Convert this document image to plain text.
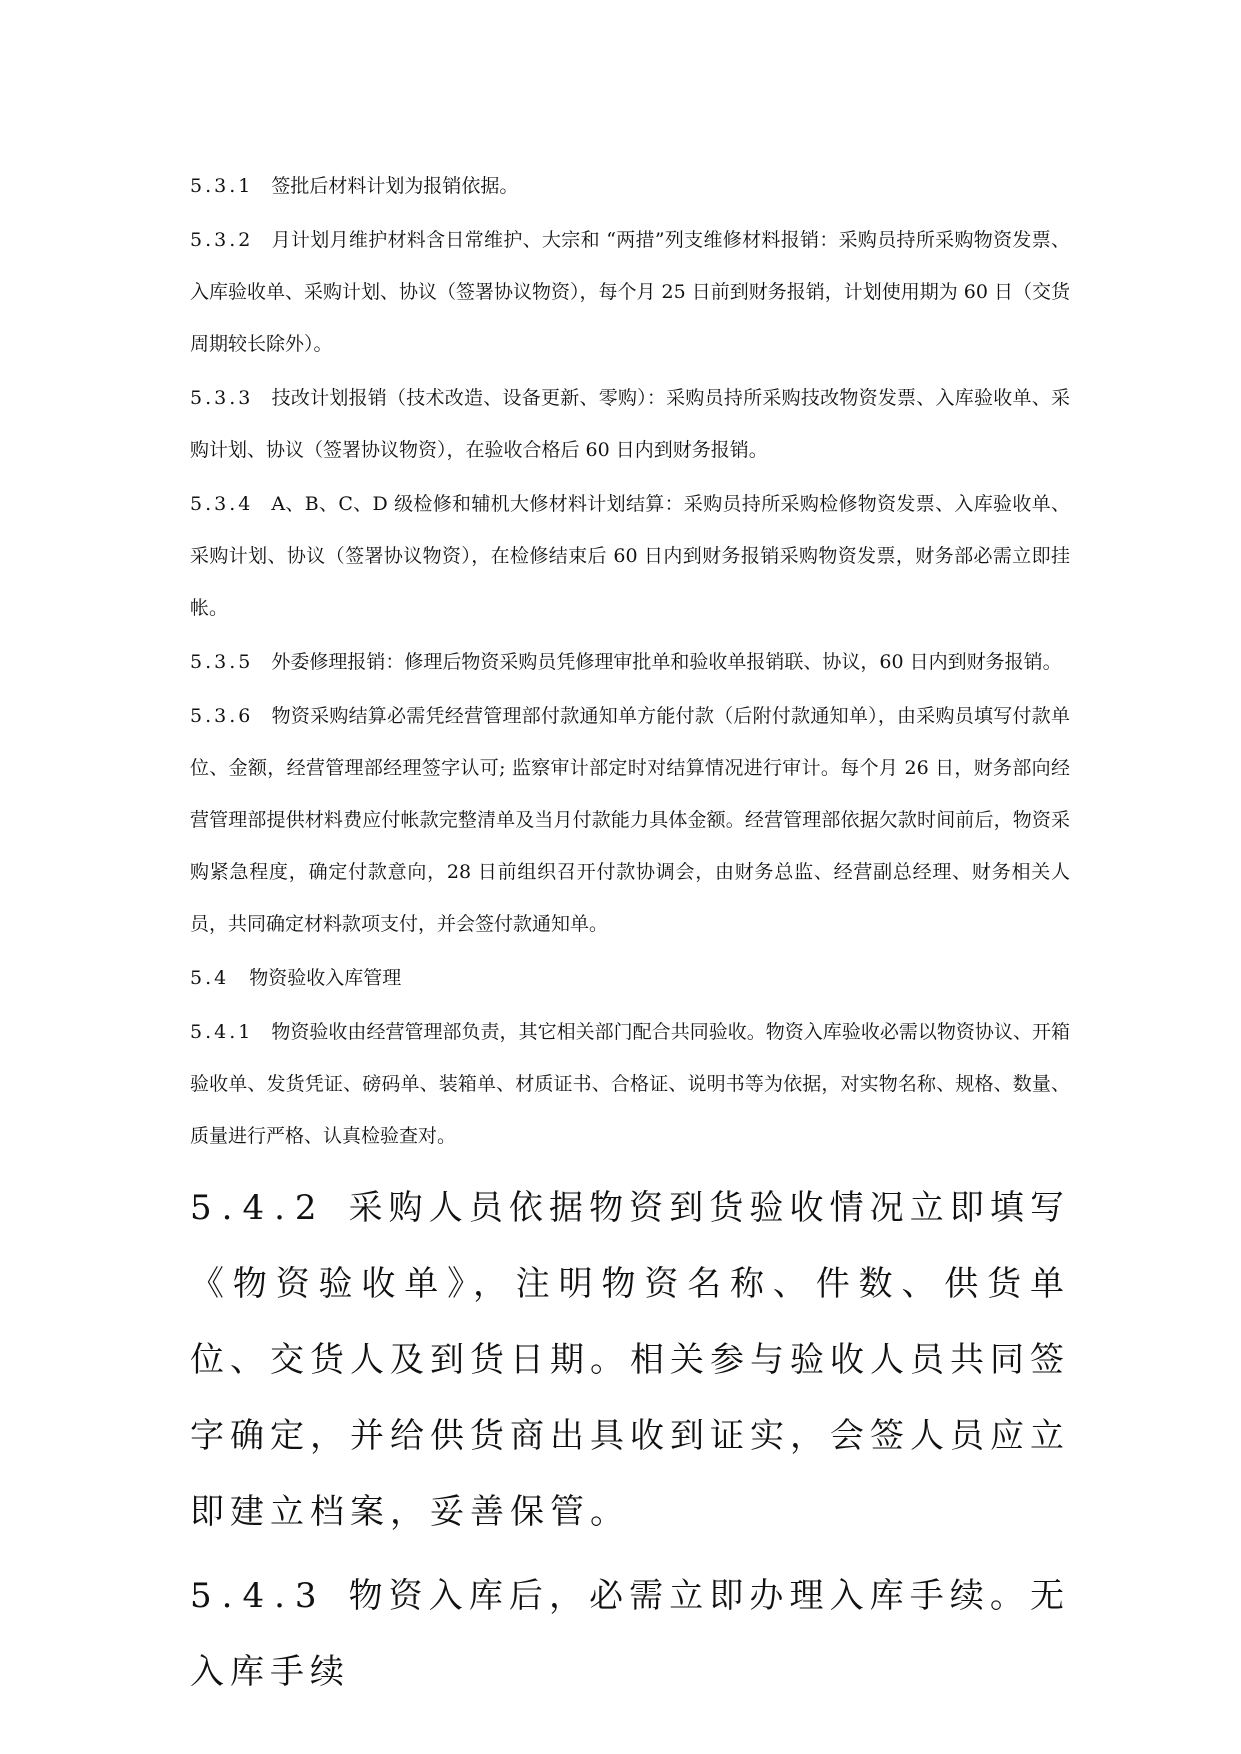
5.3.1 签批后材料计划为报销依据。

5.3.2 月计划月维护材料含日常维护、大宗和 “两措”列支维修材料报销：采购员持所采购物资发票、入库验收单、采购计划、协议（签署协议物资），每个月 25 日前到财务报销，计划使用期为 60 日（交货周期较长除外）。

5.3.3 技改计划报销（技术改造、设备更新、零购）：采购员持所采购技改物资发票、入库验收单、采购计划、协议（签署协议物资），在验收合格后 60 日内到财务报销。

5.3.4 A、B、C、D 级检修和辅机大修材料计划结算：采购员持所采购检修物资发票、入库验收单、采购计划、协议（签署协议物资），在检修结束后 60 日内到财务报销采购物资发票，财务部必需立即挂帐。

5.3.5 外委修理报销：修理后物资采购员凭修理审批单和验收单报销联、协议，60 日内到财务报销。

5.3.6 物资采购结算必需凭经营管理部付款通知单方能付款（后附付款通知单），由采购员填写付款单位、金额，经营管理部经理签字认可; 监察审计部定时对结算情况进行审计。每个月 26 日，财务部向经营管理部提供材料费应付帐款完整清单及当月付款能力具体金额。经营管理部依据欠款时间前后，物资采购紧急程度，确定付款意向，28 日前组织召开付款协调会，由财务总监、经营副总经理、财务相关人员，共同确定材料款项支付，并会签付款通知单。

5.4 物资验收入库管理

5.4.1 物资验收由经营管理部负责，其它相关部门配合共同验收。物资入库验收必需以物资协议、开箱验收单、发货凭证、磅码单、装箱单、材质证书、合格证、说明书等为依据，对实物名称、规格、数量、质量进行严格、认真检验查对。

5.4.2 采购人员依据物资到货验收情况立即填写《物资验收单》，注明物资名称、件数、供货单位、交货人及到货日期。相关参与验收人员共同签字确定，并给供货商出具收到证实，会签人员应立即建立档案，妥善保管。

5.4.3 物资入库后，必需立即办理入库手续。无入库手续
